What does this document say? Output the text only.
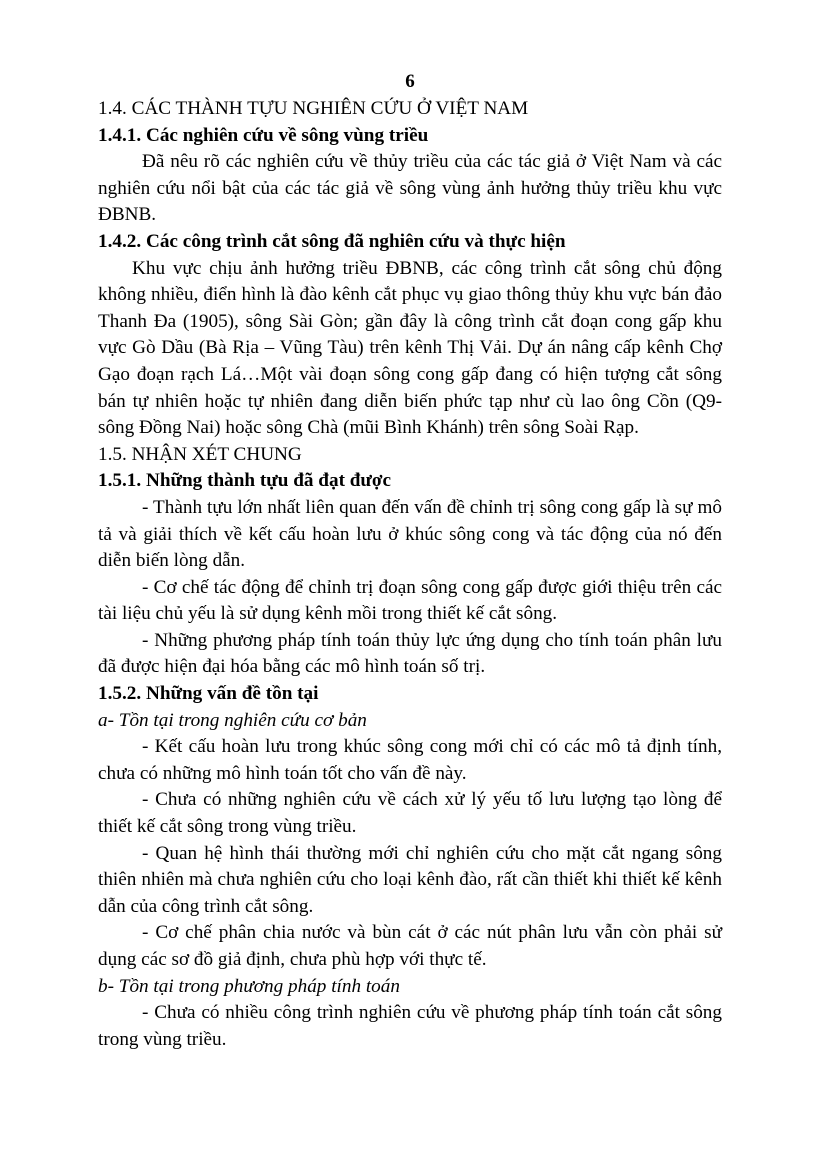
6
1.4. CÁC THÀNH TỰU NGHIÊN CỨU Ở VIỆT NAM
1.4.1. Các nghiên cứu về sông vùng triều

Đã nêu rõ các nghiên cứu về thủy triều của các tác giả ở Việt Nam và các nghiên cứu nổi bật của các tác giả về sông vùng ảnh hưởng thủy triều khu vực ĐBNB.

1.4.2. Các công trình cắt sông đã nghiên cứu và thực hiện

Khu vực chịu ảnh hưởng triều ĐBNB, các công trình cắt sông chủ động không nhiều, điển hình là đào kênh cắt phục vụ giao thông thủy khu vực bán đảo Thanh Đa (1905), sông Sài Gòn; gần đây là công trình cắt đoạn cong gấp khu vực Gò Dầu (Bà Rịa – Vũng Tàu) trên kênh Thị Vải. Dự án nâng cấp kênh Chợ Gạo đoạn rạch Lá…Một vài đoạn sông cong gấp đang có hiện tượng cắt sông bán tự nhiên hoặc tự nhiên đang diễn biến phức tạp như cù lao ông Cồn (Q9- sông Đồng Nai) hoặc sông Chà (mũi Bình Khánh) trên sông Soài Rạp.

1.5. NHẬN XÉT CHUNG
1.5.1. Những thành tựu đã đạt được

- Thành tựu lớn nhất liên quan đến vấn đề chỉnh trị sông cong gấp là sự mô tả và giải thích về kết cấu hoàn lưu ở khúc sông cong và tác động của nó đến diễn biến lòng dẫn.

- Cơ chế tác động để chỉnh trị đoạn sông cong gấp được giới thiệu trên các tài liệu chủ yếu là sử dụng kênh mồi trong thiết kế cắt sông.

- Những phương pháp tính toán thủy lực ứng dụng cho tính toán phân lưu đã được hiện đại hóa bằng các mô hình toán số trị.

1.5.2. Những vấn đề tồn tại
a- Tồn tại trong nghiên cứu cơ bản

- Kết cấu hoàn lưu trong khúc sông cong mới chỉ có các mô tả định tính, chưa có những mô hình toán tốt cho vấn đề này.

- Chưa có những nghiên cứu về cách xử lý yếu tố lưu lượng tạo lòng để thiết kế cắt sông trong vùng triều.

- Quan hệ hình thái thường mới chỉ nghiên cứu cho mặt cắt ngang sông thiên nhiên mà chưa nghiên cứu cho loại kênh đào, rất cần thiết khi thiết kế kênh dẫn của công trình cắt sông.

- Cơ chế phân chia nước và bùn cát ở các nút phân lưu vẫn còn phải sử dụng các sơ đồ giả định, chưa phù hợp với thực tế.

b- Tồn tại trong phương pháp tính toán

- Chưa có nhiều công trình nghiên cứu về phương pháp tính toán cắt sông trong vùng triều.
